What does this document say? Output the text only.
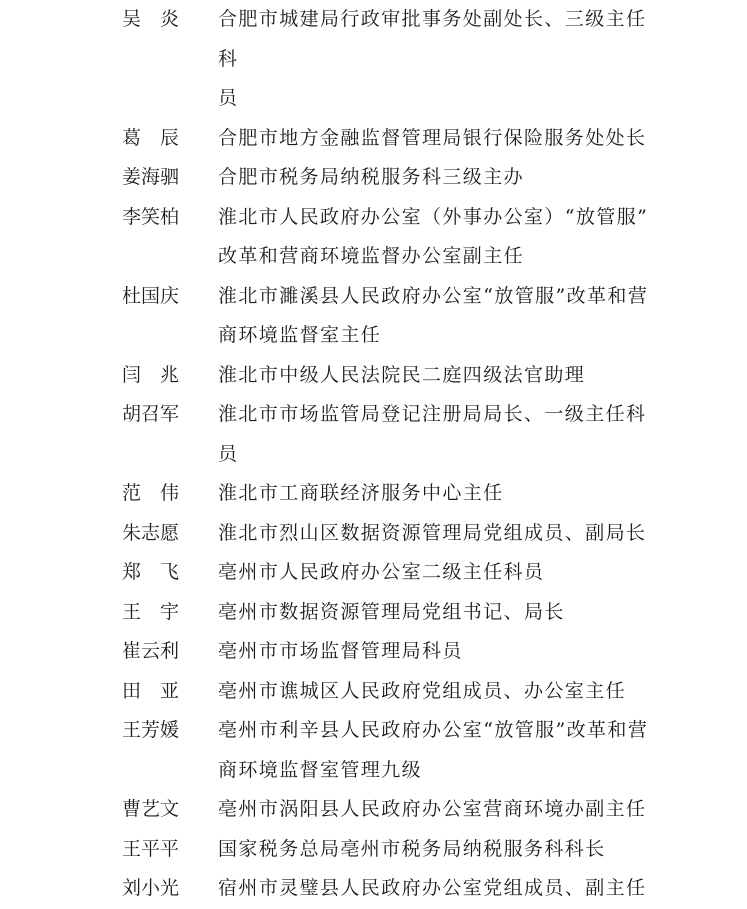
吴　炎	合肥市城建局行政审批事务处副处长、三级主任科
员
葛　辰	合肥市地方金融监督管理局银行保险服务处处长
姜海驷	合肥市税务局纳税服务科三级主办
李笑柏	淮北市人民政府办公室（外事办公室）“放管服”
改革和营商环境监督办公室副主任
杜国庆	淮北市濉溪县人民政府办公室“放管服”改革和营
商环境监督室主任
闫　兆	淮北市中级人民法院民二庭四级法官助理
胡召军	淮北市市场监管局登记注册局局长、一级主任科员
范　伟	淮北市工商联经济服务中心主任
朱志愿	淮北市烈山区数据资源管理局党组成员、副局长
郑　飞	亳州市人民政府办公室二级主任科员
王　宇	亳州市数据资源管理局党组书记、局长
崔云利	亳州市市场监督管理局科员
田　亚	亳州市谯城区人民政府党组成员、办公室主任
王芳媛	亳州市利辛县人民政府办公室“放管服”改革和营
商环境监督室管理九级
曹艺文	亳州市涡阳县人民政府办公室营商环境办副主任
王平平	国家税务总局亳州市税务局纳税服务科科长
刘小光	宿州市灵璧县人民政府办公室党组成员、副主任
